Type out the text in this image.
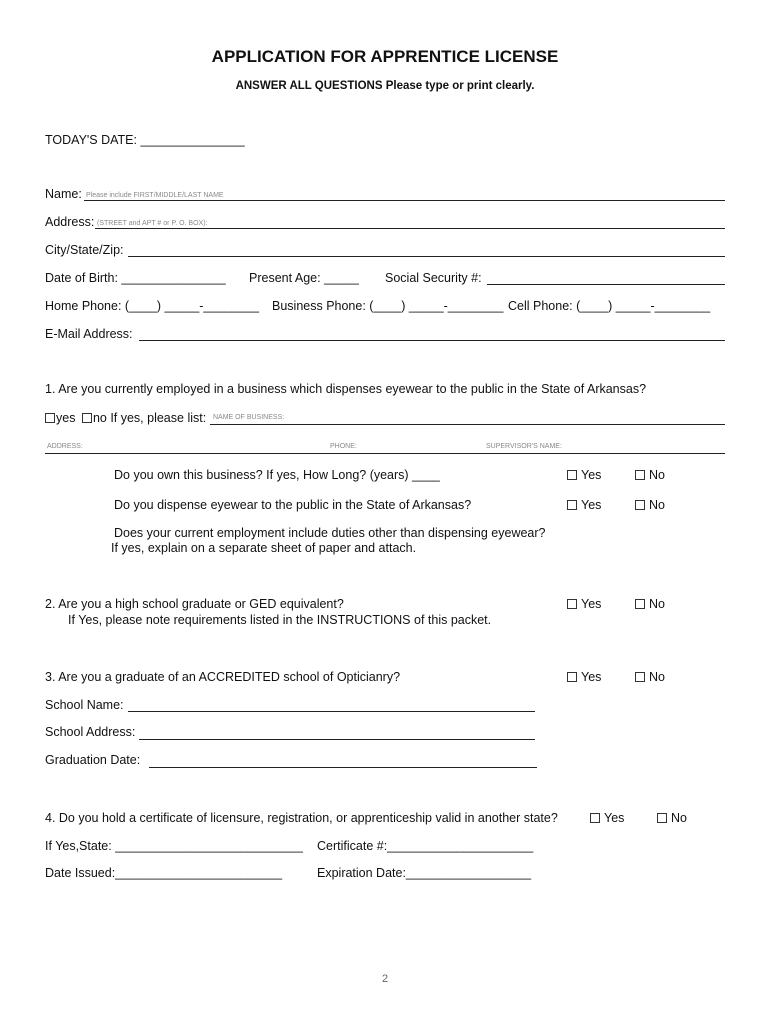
APPLICATION FOR APPRENTICE LICENSE
ANSWER ALL QUESTIONS Please type or print clearly.
TODAY'S DATE: _______________
Name: Please include FIRST/MIDDLE/LAST NAME
Address: (STREET and APT # or P. O. BOX):
City/State/Zip:
Date of Birth: _______________ Present Age: _____ Social Security #:
Home Phone: (____) _____-________ Business Phone: (____) _____-________ Cell Phone: (____) _____-________
E-Mail Address:
1. Are you currently employed in a business which dispenses eyewear to the public in the State of Arkansas?
yes no If yes, please list: NAME OF BUSINESS:
ADDRESS:	PHONE:	SUPERVISOR'S NAME:
Do you own this business? If yes, How Long? (years) ____	Yes	No
Do you dispense eyewear to the public in the State of Arkansas?	Yes	No
Does your current employment include duties other than dispensing eyewear?
If yes, explain on a separate sheet of paper and attach.
2. Are you a high school graduate or GED equivalent?
If Yes, please note requirements listed in the INSTRUCTIONS of this packet.
Yes	No
3. Are you a graduate of an ACCREDITED school of Opticianry?	Yes	No
School Name:
School Address:
Graduation Date:
4. Do you hold a certificate of licensure, registration, or apprenticeship valid in another state?	Yes	No
If Yes,State: ___________________________ Certificate #:_____________________
Date Issued:________________________	Expiration Date:__________________
2
